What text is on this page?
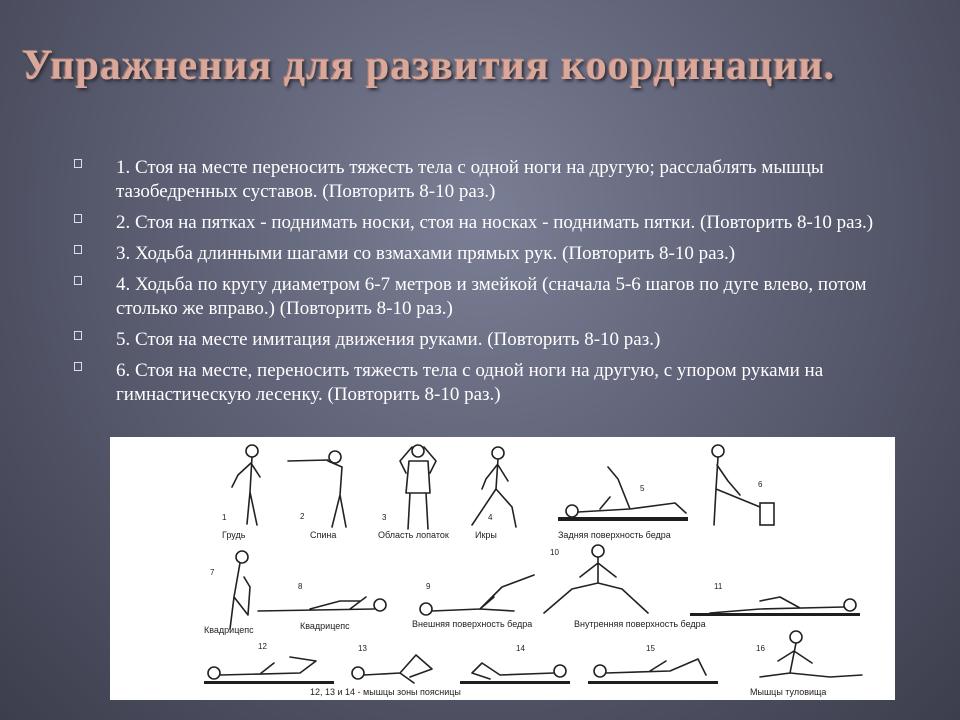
Упражнения для развития координации.
1. Стоя на месте переносить тяжесть тела с одной ноги на другую; расслаблять мышцы тазобедренных суставов. (Повторить 8-10 раз.)
2. Стоя на пятках - поднимать носки, стоя на носках - поднимать пятки. (Повторить 8-10 раз.)
3. Ходьба длинными шагами со взмахами прямых рук. (Повторить 8-10 раз.)
4. Ходьба по кругу диаметром 6-7 метров и змейкой (сначала 5-6 шагов по дуге влево, потом столько же вправо.) (Повторить 8-10 раз.)
5. Стоя на месте имитация движения руками. (Повторить 8-10 раз.)
6. Стоя на месте, переносить тяжесть тела с одной ноги на другую, с упором руками на гимнастическую лесенку. (Повторить 8-10 раз.)
1
Грудь
2
Спина
3
Область лопаток
4
Икры
5
Задняя поверхность бедра
6
7
Квадрицепс
8
Квадрицепс
9
Внешняя поверхность бедра
10
Внутренняя поверхность бедра
11
12	13	14	15	16
12, 13 и 14 - мышцы зоны поясницы	Мышцы туловища
